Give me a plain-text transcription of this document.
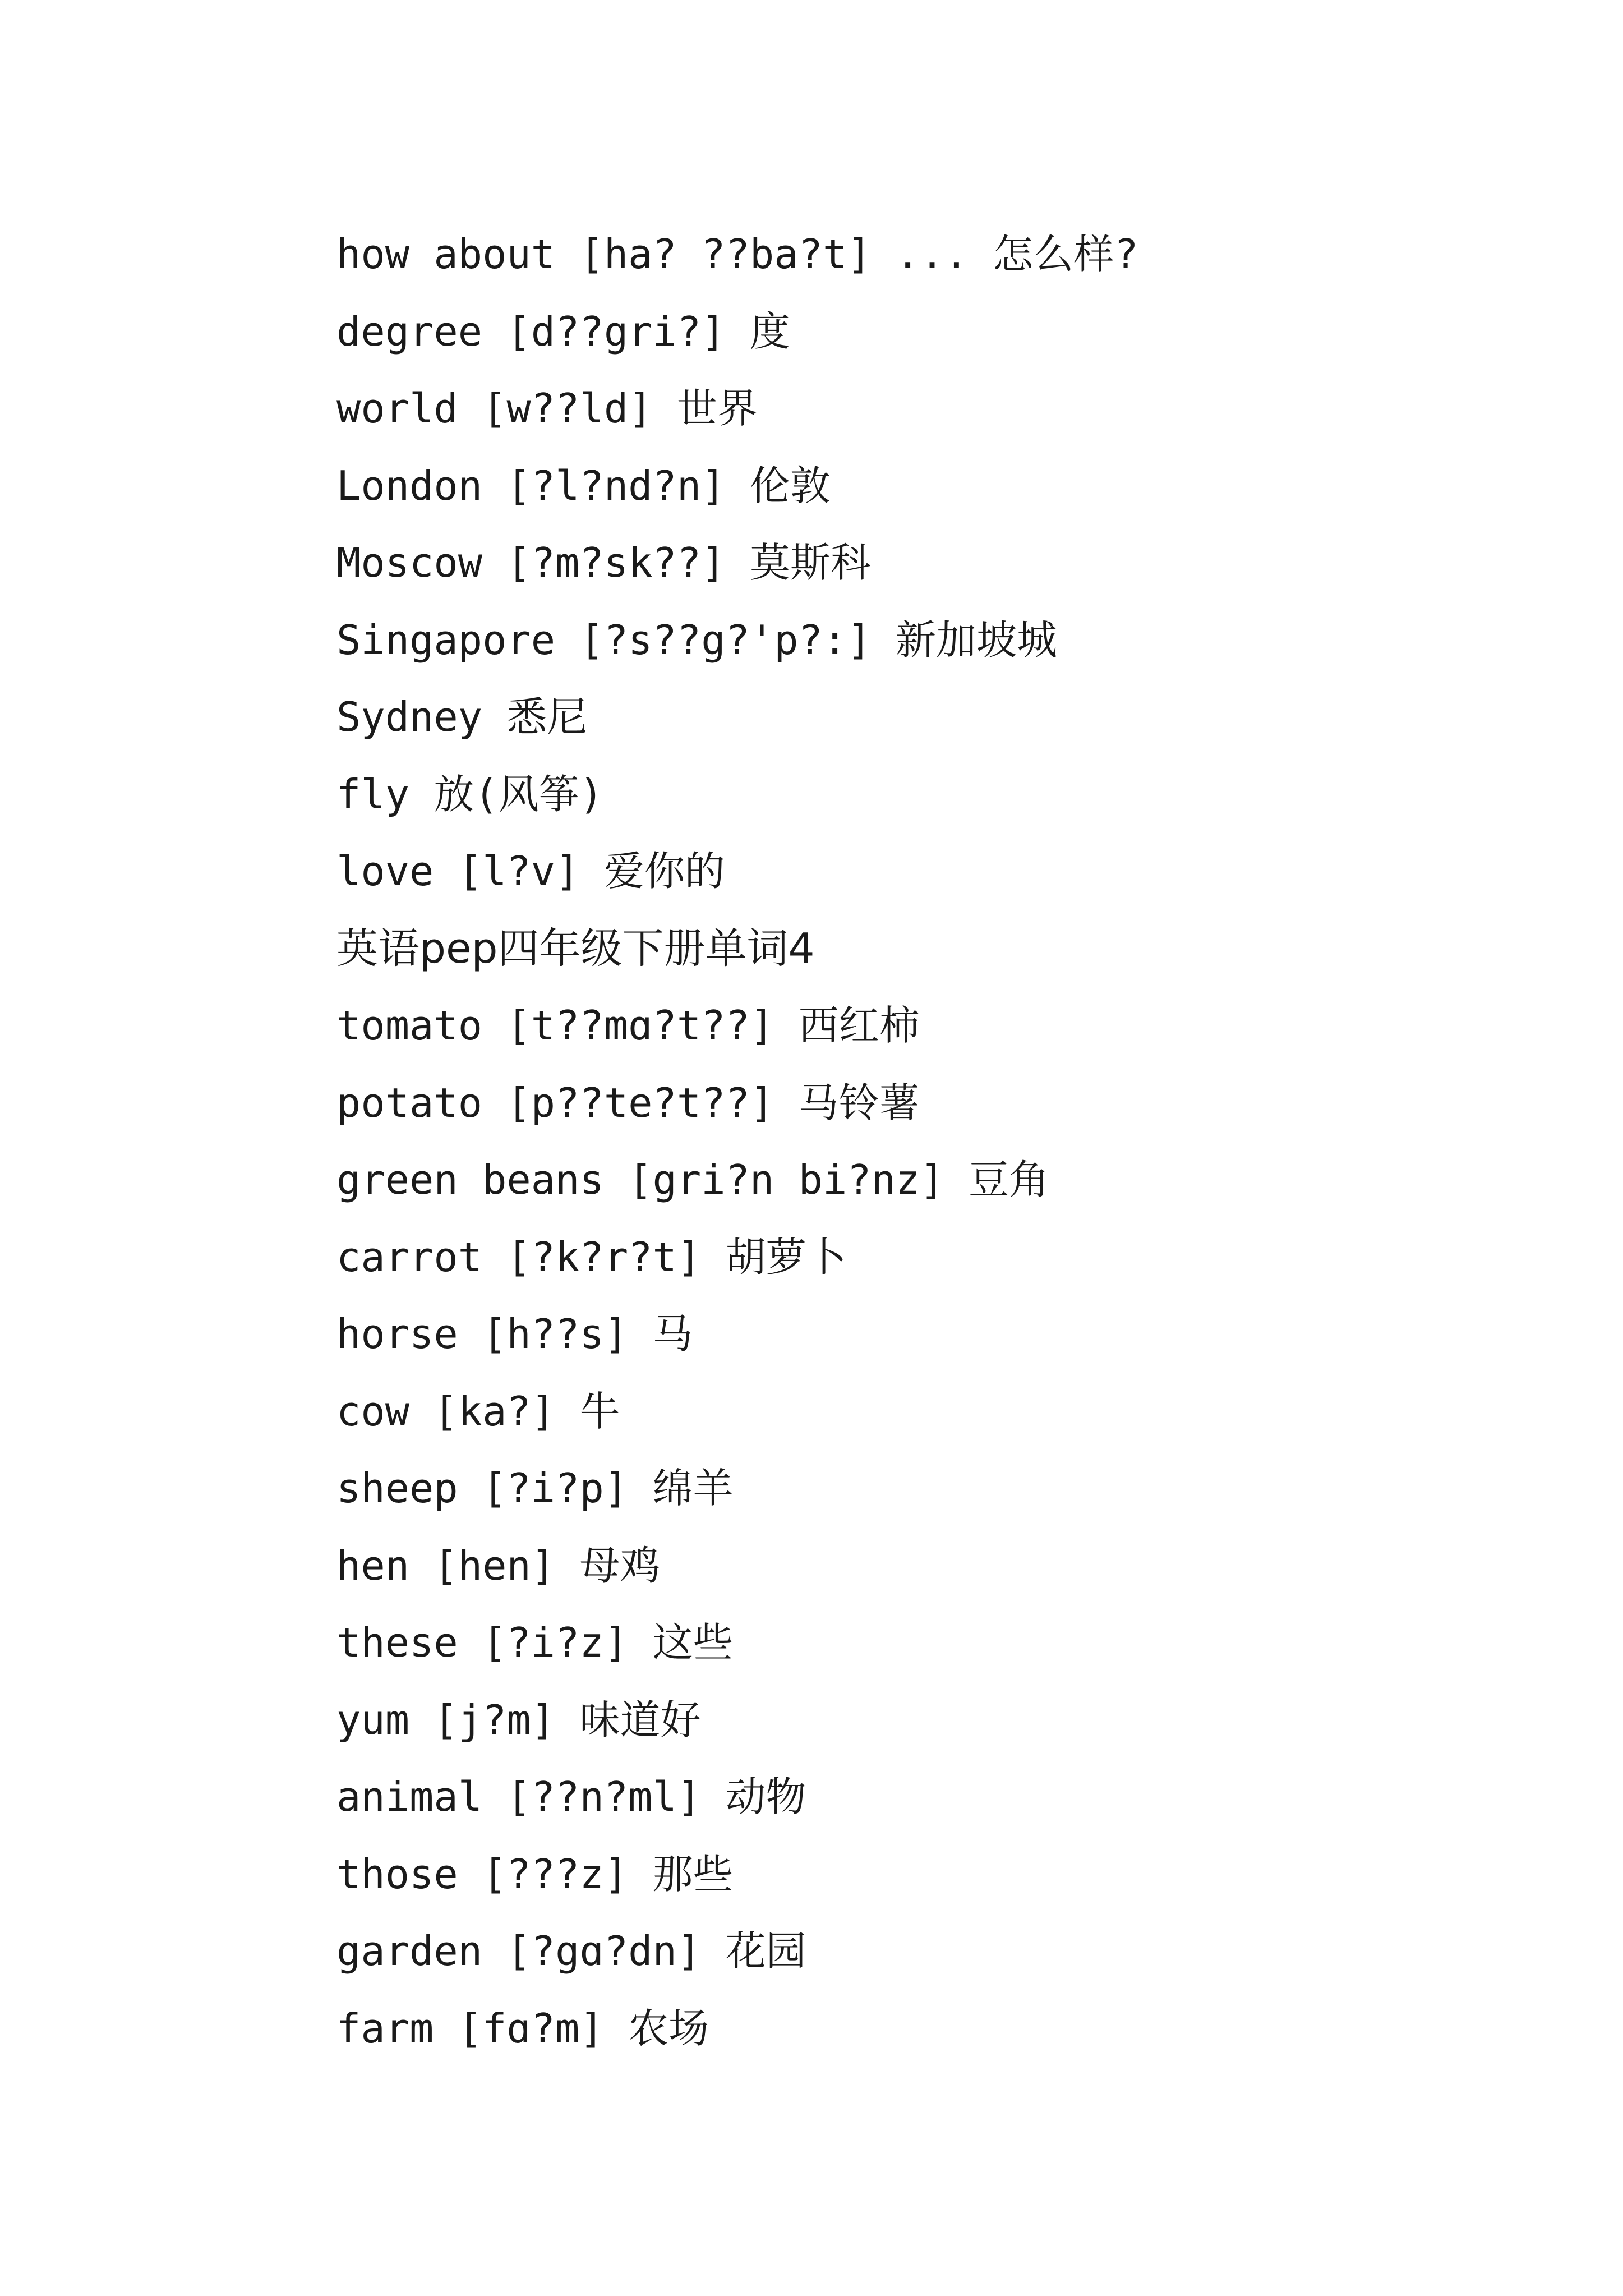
how about [ha? ??ba?t] ... 怎么样?
degree [d??gri?] 度
world [w??ld] 世界
London [?l?nd?n] 伦敦
Moscow [?m?sk??] 莫斯科
Singapore [?s??g?'p?:] 新加坡城
Sydney 悉尼
fly 放(风筝)
love [l?v] 爱你的
英语pep四年级下册单词4
tomato [t??mɑ?t??] 西红柿
potato [p??te?t??] 马铃薯
green beans [gri?n bi?nz] 豆角
carrot [?k?r?t] 胡萝卜
horse [h??s] 马
cow [ka?] 牛
sheep [?i?p] 绵羊
hen [hen] 母鸡
these [?i?z] 这些
yum [j?m] 味道好
animal [??n?ml] 动物
those [???z] 那些
garden [?gɑ?dn] 花园
farm [fɑ?m] 农场
